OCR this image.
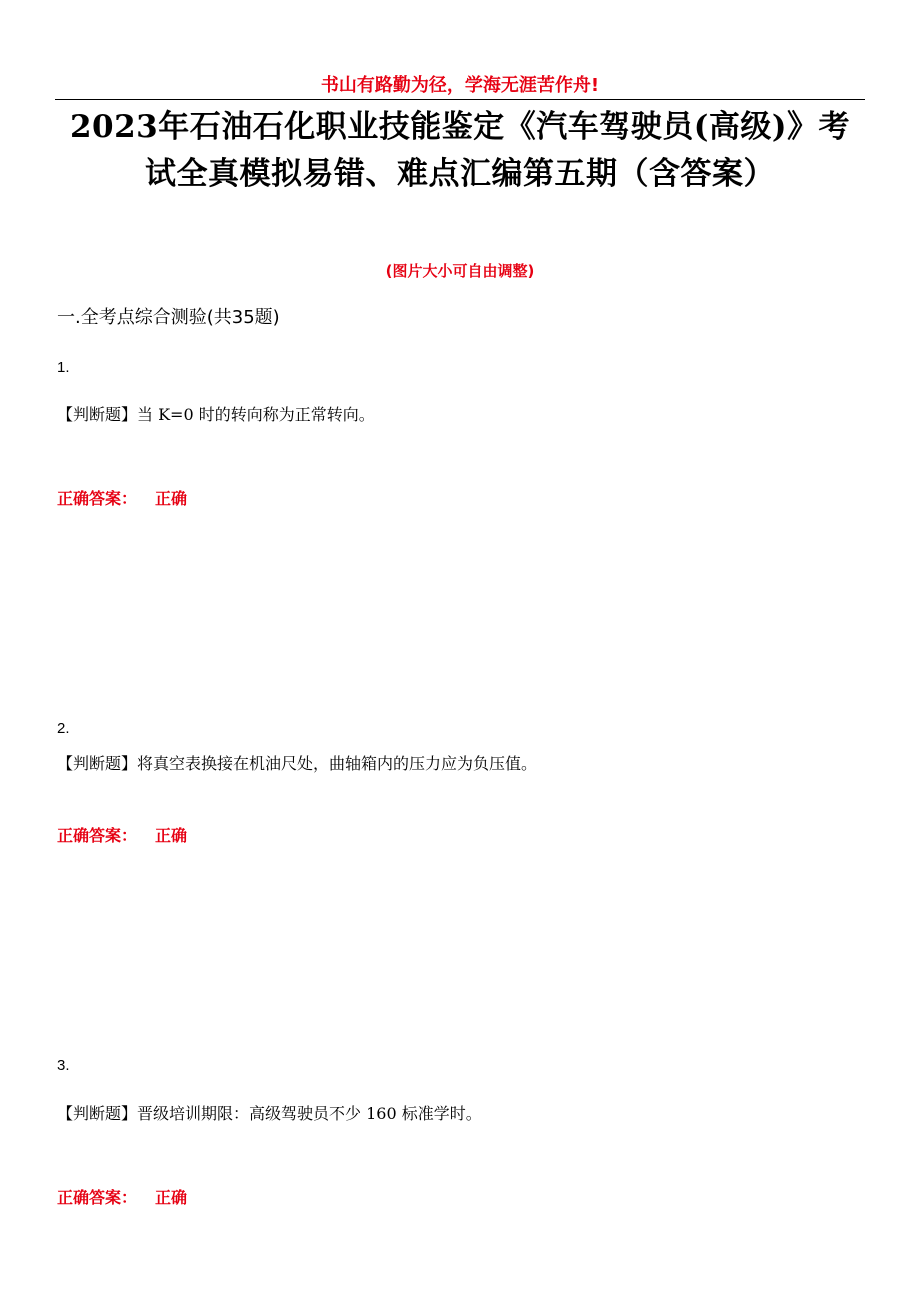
书山有路勤为径，学海无涯苦作舟!
2023年石油石化职业技能鉴定《汽车驾驶员(高级)》考试全真模拟易错、难点汇编第五期（含答案）
(图片大小可自由调整)
一.全考点综合测验(共35题)
1.
【判断题】当 K=0 时的转向称为正常转向。
正确答案： 正确
2.
【判断题】将真空表换接在机油尺处，曲轴箱内的压力应为负压值。
正确答案： 正确
3.
【判断题】晋级培训期限：高级驾驶员不少 160 标准学时。
正确答案： 正确
